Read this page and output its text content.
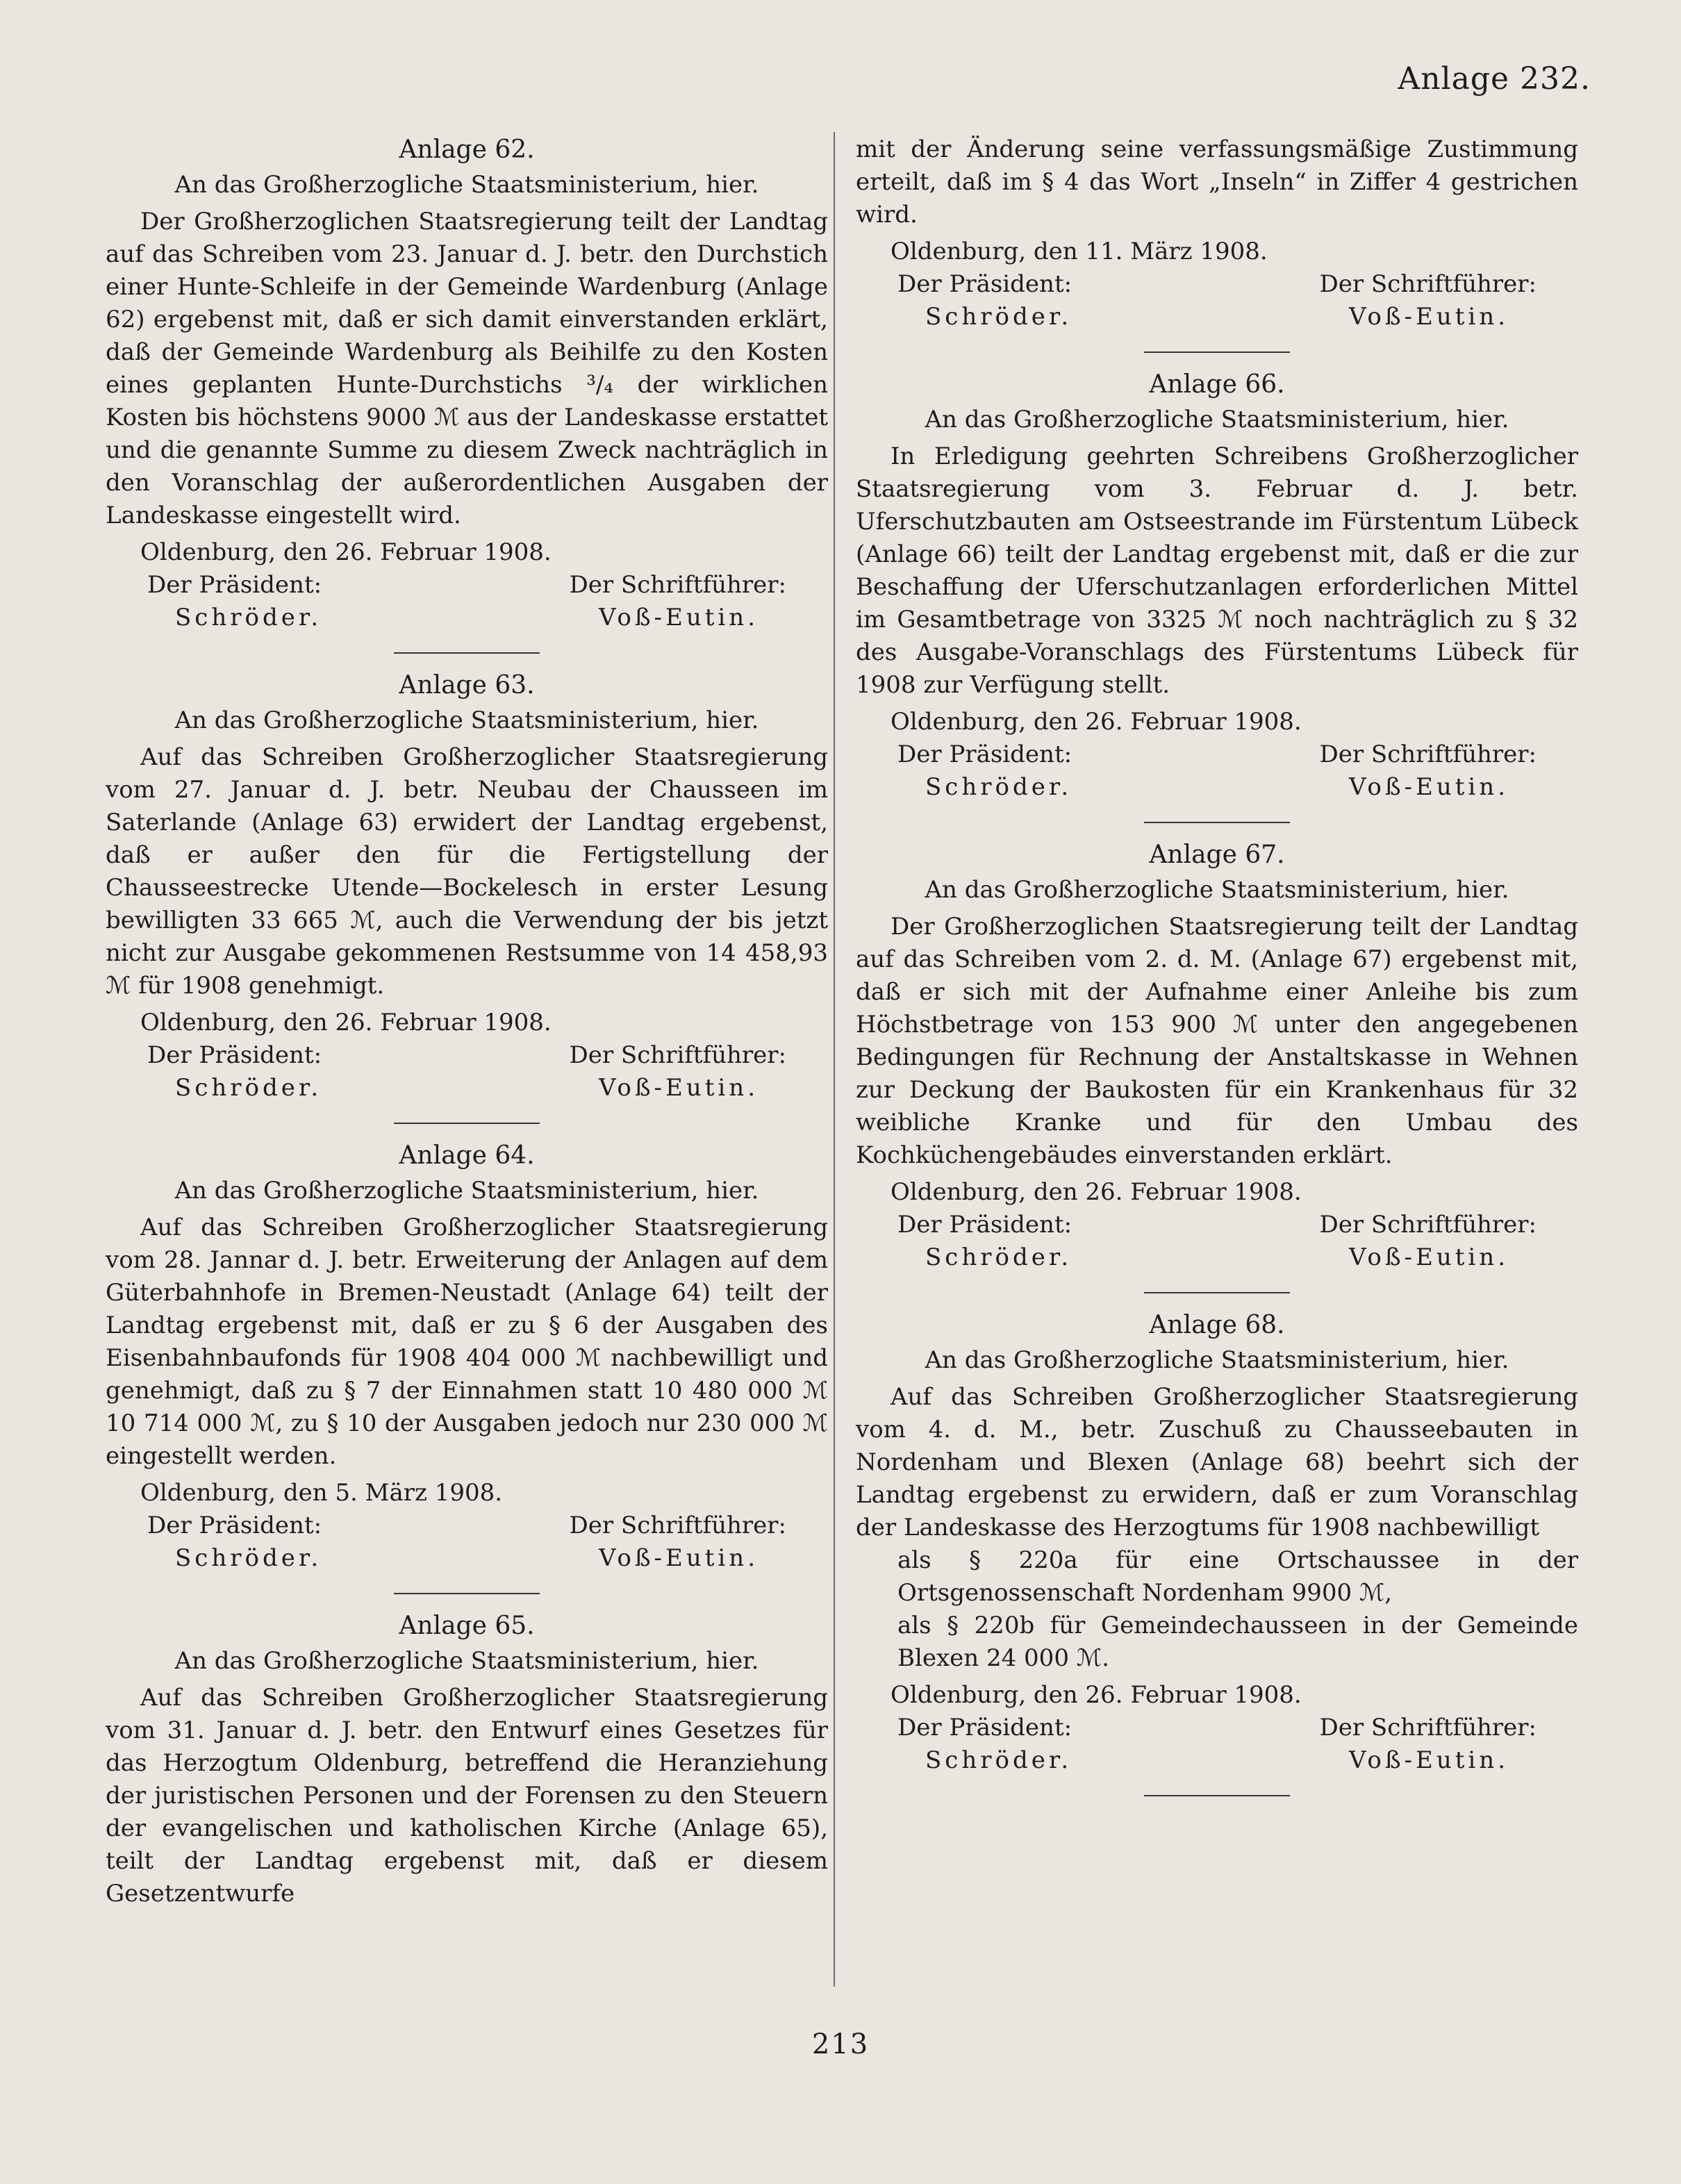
Anlage 232.

Anlage 62.

An das Großherzogliche Staatsministerium, hier.

Der Großherzoglichen Staatsregierung teilt der Landtag auf das Schreiben vom 23. Januar d. J. betr. den Durchstich einer Hunte-Schleife in der Gemeinde Wardenburg (Anlage 62) ergebenst mit, daß er sich damit einverstanden erklärt, daß der Gemeinde Wardenburg als Beihilfe zu den Kosten eines geplanten Hunte-Durchstichs ³/₄ der wirklichen Kosten bis höchstens 9000 ℳ aus der Landeskasse erstattet und die genannte Summe zu diesem Zweck nachträglich in den Voranschlag der außerordentlichen Ausgaben der Landeskasse eingestellt wird.

Oldenburg, den 26. Februar 1908.

Der Präsident:	Der Schriftführer:
Schröder.	Voß-Eutin.

Anlage 63.

An das Großherzogliche Staatsministerium, hier.

Auf das Schreiben Großherzoglicher Staatsregierung vom 27. Januar d. J. betr. Neubau der Chausseen im Saterlande (Anlage 63) erwidert der Landtag ergebenst, daß er außer den für die Fertigstellung der Chausseestrecke Utende—Bockelesch in erster Lesung bewilligten 33 665 ℳ, auch die Verwendung der bis jetzt nicht zur Ausgabe gekommenen Restsumme von 14 458,93 ℳ für 1908 genehmigt.

Oldenburg, den 26. Februar 1908.

Der Präsident:	Der Schriftführer:
Schröder.	Voß-Eutin.

Anlage 64.

An das Großherzogliche Staatsministerium, hier.

Auf das Schreiben Großherzoglicher Staatsregierung vom 28. Jannar d. J. betr. Erweiterung der Anlagen auf dem Güterbahnhofe in Bremen-Neustadt (Anlage 64) teilt der Landtag ergebenst mit, daß er zu § 6 der Ausgaben des Eisenbahnbaufonds für 1908 404 000 ℳ nachbewilligt und genehmigt, daß zu § 7 der Einnahmen statt 10 480 000 ℳ 10 714 000 ℳ, zu § 10 der Ausgaben jedoch nur 230 000 ℳ eingestellt werden.

Oldenburg, den 5. März 1908.

Der Präsident:	Der Schriftführer:
Schröder.	Voß-Eutin.

Anlage 65.

An das Großherzogliche Staatsministerium, hier.

Auf das Schreiben Großherzoglicher Staatsregierung vom 31. Januar d. J. betr. den Entwurf eines Gesetzes für das Herzogtum Oldenburg, betreffend die Heranziehung der juristischen Personen und der Forensen zu den Steuern der evangelischen und katholischen Kirche (Anlage 65), teilt der Landtag ergebenst mit, daß er diesem Gesetzentwurfe

mit der Änderung seine verfassungsmäßige Zustimmung erteilt, daß im § 4 das Wort „Inseln“ in Ziffer 4 gestrichen wird.

Oldenburg, den 11. März 1908.

Der Präsident:	Der Schriftführer:
Schröder.	Voß-Eutin.

Anlage 66.

An das Großherzogliche Staatsministerium, hier.

In Erledigung geehrten Schreibens Großherzoglicher Staatsregierung vom 3. Februar d. J. betr. Uferschutzbauten am Ostseestrande im Fürstentum Lübeck (Anlage 66) teilt der Landtag ergebenst mit, daß er die zur Beschaffung der Uferschutzanlagen erforderlichen Mittel im Gesamtbetrage von 3325 ℳ noch nachträglich zu § 32 des Ausgabe-Voranschlags des Fürstentums Lübeck für 1908 zur Verfügung stellt.

Oldenburg, den 26. Februar 1908.

Der Präsident:	Der Schriftführer:
Schröder.	Voß-Eutin.

Anlage 67.

An das Großherzogliche Staatsministerium, hier.

Der Großherzoglichen Staatsregierung teilt der Landtag auf das Schreiben vom 2. d. M. (Anlage 67) ergebenst mit, daß er sich mit der Aufnahme einer Anleihe bis zum Höchstbetrage von 153 900 ℳ unter den angegebenen Bedingungen für Rechnung der Anstaltskasse in Wehnen zur Deckung der Baukosten für ein Krankenhaus für 32 weibliche Kranke und für den Umbau des Kochküchengebäudes einverstanden erklärt.

Oldenburg, den 26. Februar 1908.

Der Präsident:	Der Schriftführer:
Schröder.	Voß-Eutin.

Anlage 68.

An das Großherzogliche Staatsministerium, hier.

Auf das Schreiben Großherzoglicher Staatsregierung vom 4. d. M., betr. Zuschuß zu Chausseebauten in Nordenham und Blexen (Anlage 68) beehrt sich der Landtag ergebenst zu erwidern, daß er zum Voranschlag der Landeskasse des Herzogtums für 1908 nachbewilligt

als § 220a für eine Ortschaussee in der Ortsgenossenschaft Nordenham 9900 ℳ,

als § 220b für Gemeindechausseen in der Gemeinde Blexen 24 000 ℳ.

Oldenburg, den 26. Februar 1908.

Der Präsident:	Der Schriftführer:
Schröder.	Voß-Eutin.
213
